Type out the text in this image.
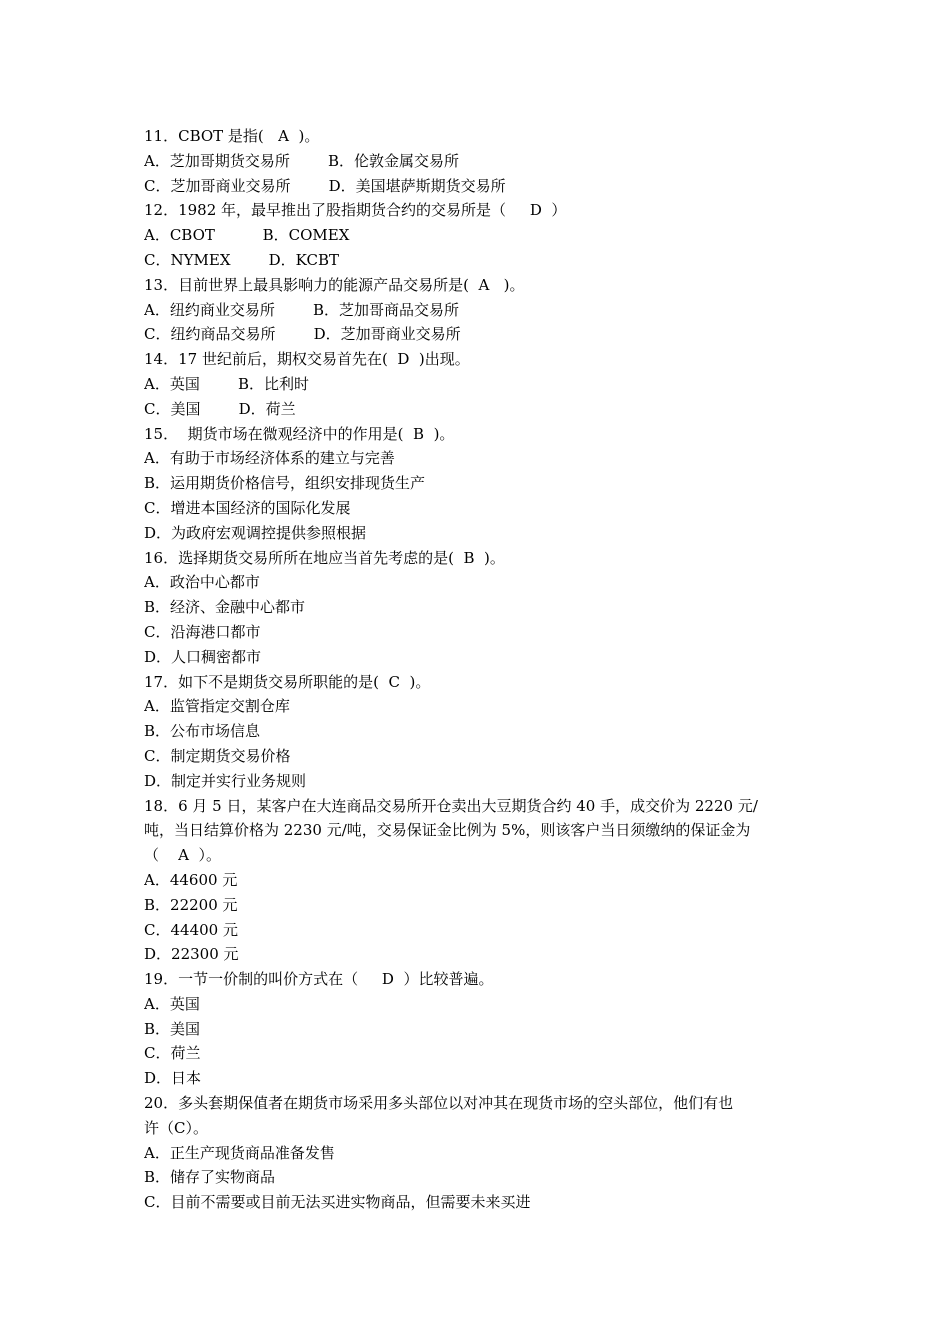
11．CBOT 是指(   A  )。
A．芝加哥期货交易所        B．伦敦金属交易所
C．芝加哥商业交易所        D．美国堪萨斯期货交易所
12．1982 年，最早推出了股指期货合约的交易所是（     D  ）
A．CBOT          B．COMEX
C．NYMEX        D．KCBT
13．目前世界上最具影响力的能源产品交易所是(  A   )。
A．纽约商业交易所        B．芝加哥商品交易所
C．纽约商品交易所        D．芝加哥商业交易所
14．17 世纪前后，期权交易首先在(  D  )出现。
A．英国        B．比利时
C．美国        D．荷兰
15．  期货市场在微观经济中的作用是(  B  )。
A．有助于市场经济体系的建立与完善
B．运用期货价格信号，组织安排现货生产
C．增进本国经济的国际化发展
D．为政府宏观调控提供参照根据
16．选择期货交易所所在地应当首先考虑的是(  B  )。
A．政治中心都市
B．经济、金融中心都市
C．沿海港口都市
D．人口稠密都市
17．如下不是期货交易所职能的是(  C  )。
A．监管指定交割仓库
B．公布市场信息
C．制定期货交易价格
D．制定并实行业务规则
18．6 月 5 日，某客户在大连商品交易所开仓卖出大豆期货合约 40 手，成交价为 2220 元/
吨，当日结算价格为 2230 元/吨，交易保证金比例为 5%，则该客户当日须缴纳的保证金为
（    A  ）。
A．44600 元
B．22200 元
C．44400 元
D．22300 元
19．一节一价制的叫价方式在（     D  ）比较普遍。
A．英国
B．美国
C．荷兰
D．日本
20．多头套期保值者在期货市场采用多头部位以对冲其在现货市场的空头部位，他们有也
许（C）。
A．正生产现货商品准备发售
B．储存了实物商品
C．目前不需要或目前无法买进实物商品，但需要未来买进
